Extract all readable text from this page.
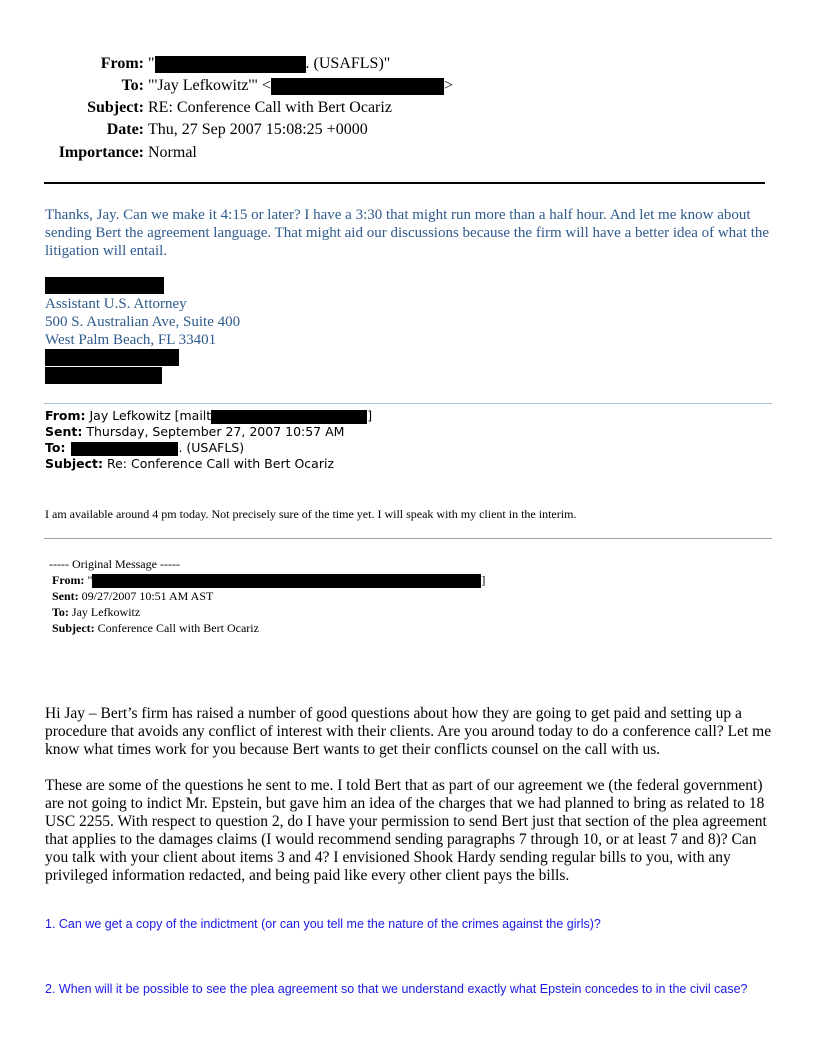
From: "	. (USAFLS)"
To: "'Jay Lefkowitz'" <	>
Subject: RE: Conference Call with Bert Ocariz
Date: Thu, 27 Sep 2007 15:08:25 +0000
Importance: Normal
Thanks, Jay. Can we make it 4:15 or later? I have a 3:30 that might run more than a half hour. And let me know about sending Bert the agreement language. That might aid our discussions because the firm will have a better idea of what the litigation will entail.
Assistant U.S. Attorney
500 S. Australian Ave, Suite 400
West Palm Beach, FL 33401
From: Jay Lefkowitz [mailt	]
Sent: Thursday, September 27, 2007 10:57 AM
To:	. (USAFLS)
Subject: Re: Conference Call with Bert Ocariz
I am available around 4 pm today. Not precisely sure of the time yet. I will speak with my client in the interim.
----- Original Message -----
From: "	]
Sent: 09/27/2007 10:51 AM AST
To: Jay Lefkowitz
Subject: Conference Call with Bert Ocariz
Hi Jay – Bert’s firm has raised a number of good questions about how they are going to get paid and setting up a procedure that avoids any conflict of interest with their clients. Are you around today to do a conference call? Let me know what times work for you because Bert wants to get their conflicts counsel on the call with us.
These are some of the questions he sent to me. I told Bert that as part of our agreement we (the federal government) are not going to indict Mr. Epstein, but gave him an idea of the charges that we had planned to bring as related to 18 USC 2255. With respect to question 2, do I have your permission to send Bert just that section of the plea agreement that applies to the damages claims (I would recommend sending paragraphs 7 through 10, or at least 7 and 8)? Can you talk with your client about items 3 and 4? I envisioned Shook Hardy sending regular bills to you, with any privileged information redacted, and being paid like every other client pays the bills.
1. Can we get a copy of the indictment (or can you tell me the nature of the crimes against the girls)?
2. When will it be possible to see the plea agreement so that we understand exactly what Epstein concedes to in the civil case?
